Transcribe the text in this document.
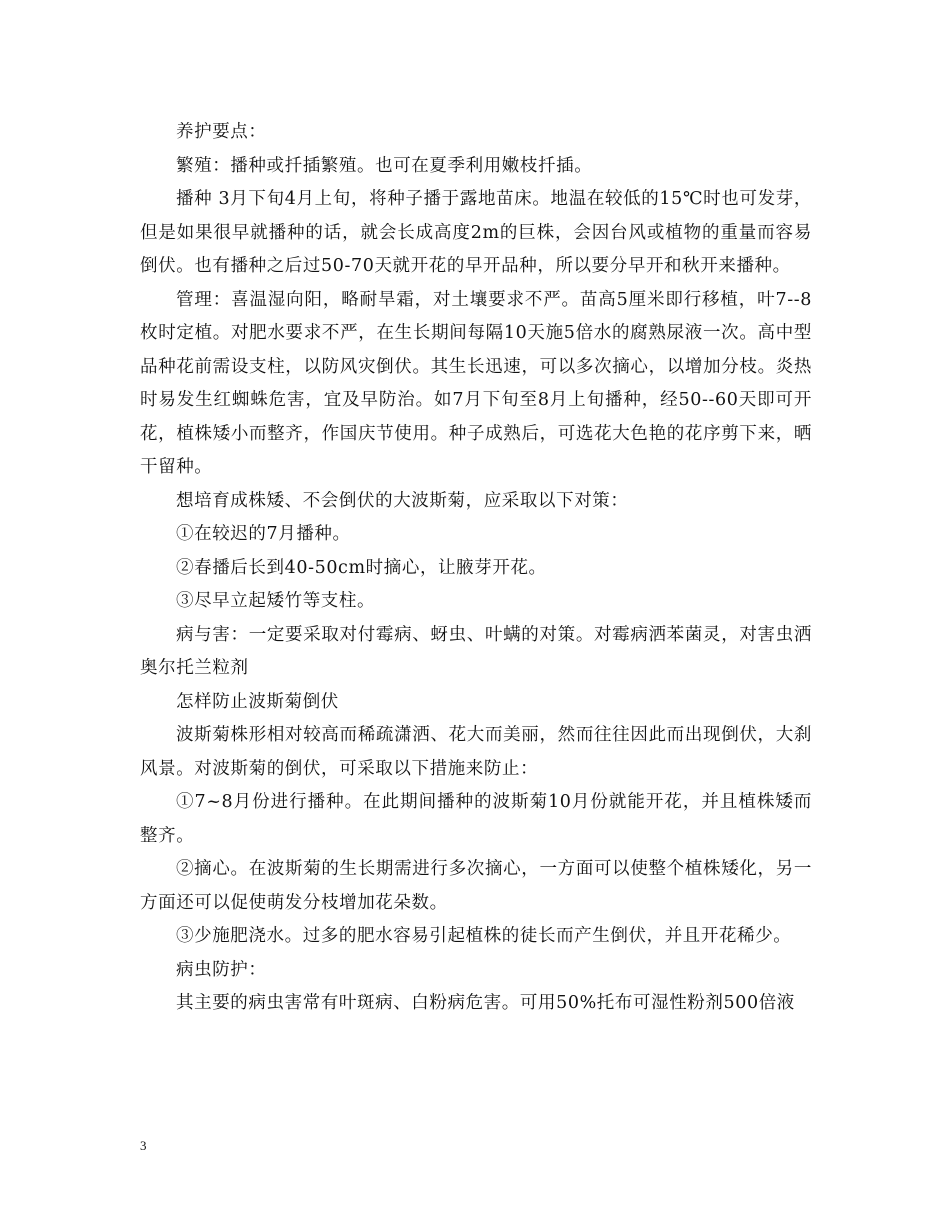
养护要点：

繁殖：播种或扦插繁殖。也可在夏季利用嫩枝扦插。

播种 3月下旬4月上旬，将种子播于露地苗床。地温在较低的15℃时也可发芽，但是如果很早就播种的话，就会长成高度2m的巨株，会因台风或植物的重量而容易倒伏。也有播种之后过50-70天就开花的早开品种，所以要分早开和秋开来播种。

管理：喜温湿向阳，略耐旱霜，对土壤要求不严。苗高5厘米即行移植，叶7--8枚时定植。对肥水要求不严，在生长期间每隔10天施5倍水的腐熟尿液一次。高中型品种花前需设支柱，以防风灾倒伏。其生长迅速，可以多次摘心，以增加分枝。炎热时易发生红蜘蛛危害，宜及早防治。如7月下旬至8月上旬播种，经50--60天即可开花，植株矮小而整齐，作国庆节使用。种子成熟后，可选花大色艳的花序剪下来，晒干留种。

想培育成株矮、不会倒伏的大波斯菊，应采取以下对策：

①在较迟的7月播种。

②春播后长到40-50cm时摘心，让腋芽开花。

③尽早立起矮竹等支柱。

病与害：一定要采取对付霉病、蚜虫、叶螨的对策。对霉病洒苯菌灵，对害虫洒奥尔托兰粒剂

怎样防止波斯菊倒伏

波斯菊株形相对较高而稀疏潇洒、花大而美丽，然而往往因此而出现倒伏，大刹风景。对波斯菊的倒伏，可采取以下措施来防止：

①7~8月份进行播种。在此期间播种的波斯菊10月份就能开花，并且植株矮而整齐。

②摘心。在波斯菊的生长期需进行多次摘心，一方面可以使整个植株矮化，另一方面还可以促使萌发分枝增加花朵数。

③少施肥浇水。过多的肥水容易引起植株的徒长而产生倒伏，并且开花稀少。

病虫防护：

其主要的病虫害常有叶斑病、白粉病危害。可用50%托布可湿性粉剂500倍液

3
